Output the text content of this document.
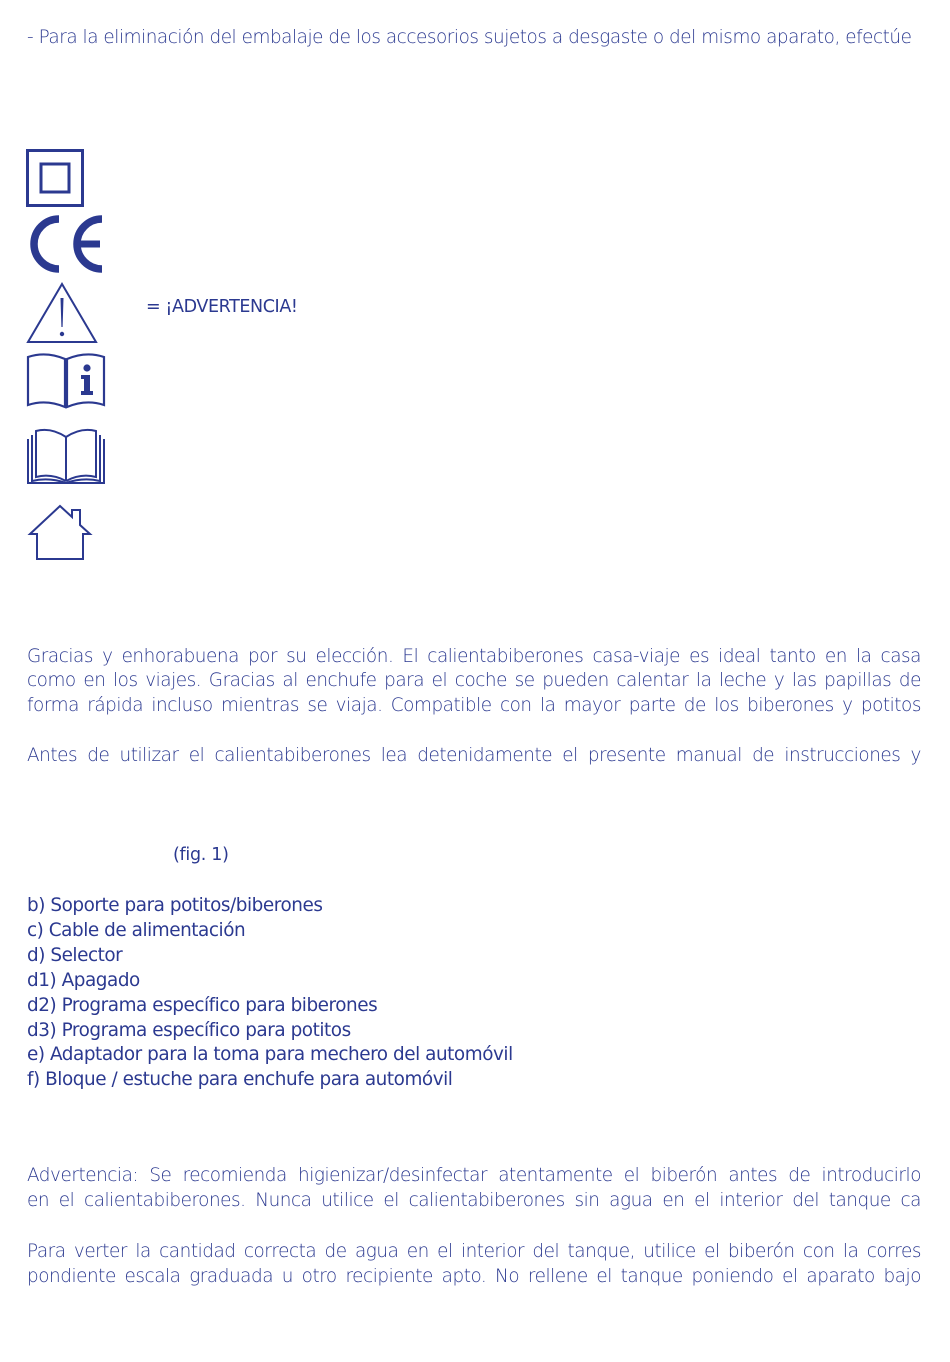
- Para la eliminación del embalaje de los accesorios sujetos a desgaste o del mismo aparato, efectúe
= ¡ADVERTENCIA!
Gracias y enhorabuena por su elección. El calientabiberones casa-viaje es ideal tanto en la casa
como en los viajes. Gracias al enchufe para el coche se pueden calentar la leche y las papillas de
forma rápida incluso mientras se viaja. Compatible con la mayor parte de los biberones y potitos
Antes de utilizar el calientabiberones lea detenidamente el presente manual de instrucciones y
(fig. 1)
b) Soporte para potitos/biberones
c) Cable de alimentación
d) Selector
d1) Apagado
d2) Programa específico para biberones
d3) Programa específico para potitos
e) Adaptador para la toma para mechero del automóvil
f) Bloque / estuche para enchufe para automóvil
Advertencia: Se recomienda higienizar/desinfectar atentamente el biberón antes de introducirlo
en el calientabiberones. Nunca utilice el calientabiberones sin agua en el interior del tanque ca
Para verter la cantidad correcta de agua en el interior del tanque, utilice el biberón con la corres
pondiente escala graduada u otro recipiente apto. No rellene el tanque poniendo el aparato bajo
